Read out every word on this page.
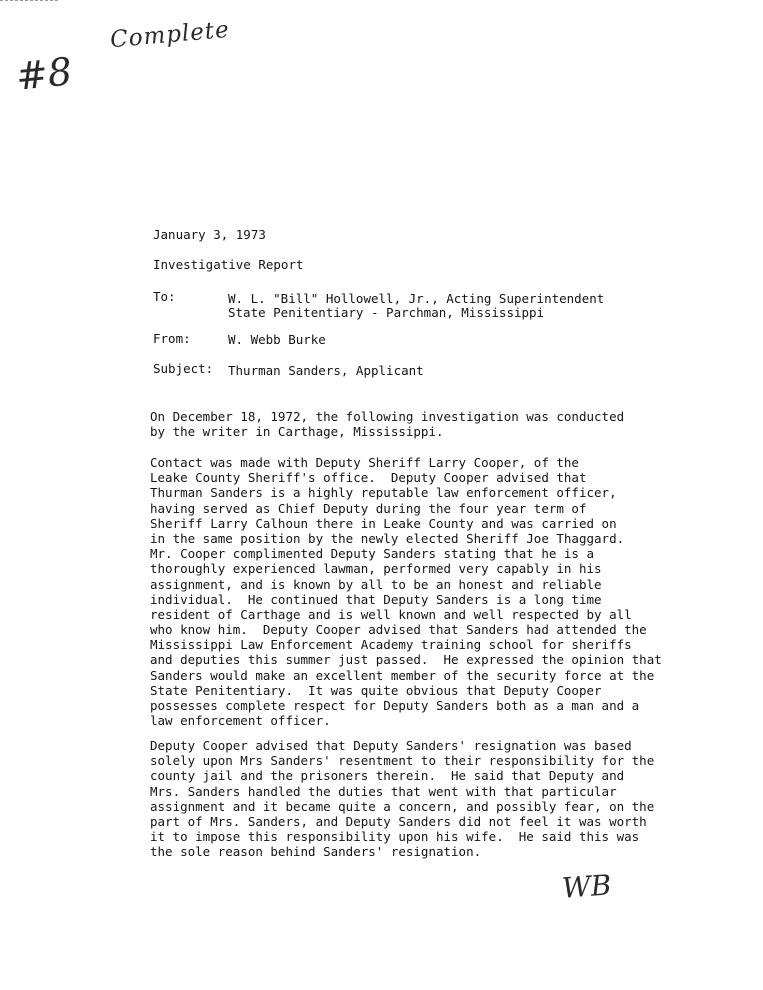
Complete
#8
January 3, 1973
Investigative Report
To:	W. L. "Bill" Hollowell, Jr., Acting Superintendent
State Penitentiary - Parchman, Mississippi
From:	W. Webb Burke
Subject: Thurman Sanders, Applicant
On December 18, 1972, the following investigation was conducted
by the writer in Carthage, Mississippi.
Contact was made with Deputy Sheriff Larry Cooper, of the
Leake County Sheriff's office.  Deputy Cooper advised that
Thurman Sanders is a highly reputable law enforcement officer,
having served as Chief Deputy during the four year term of
Sheriff Larry Calhoun there in Leake County and was carried on
in the same position by the newly elected Sheriff Joe Thaggard.
Mr. Cooper complimented Deputy Sanders stating that he is a
thoroughly experienced lawman, performed very capably in his
assignment, and is known by all to be an honest and reliable
individual.  He continued that Deputy Sanders is a long time
resident of Carthage and is well known and well respected by all
who know him.  Deputy Cooper advised that Sanders had attended the
Mississippi Law Enforcement Academy training school for sheriffs
and deputies this summer just passed.  He expressed the opinion that
Sanders would make an excellent member of the security force at the
State Penitentiary.  It was quite obvious that Deputy Cooper
possesses complete respect for Deputy Sanders both as a man and a
law enforcement officer.
Deputy Cooper advised that Deputy Sanders' resignation was based
solely upon Mrs Sanders' resentment to their responsibility for the
county jail and the prisoners therein.  He said that Deputy and
Mrs. Sanders handled the duties that went with that particular
assignment and it became quite a concern, and possibly fear, on the
part of Mrs. Sanders, and Deputy Sanders did not feel it was worth
it to impose this responsibility upon his wife.  He said this was
the sole reason behind Sanders' resignation.
WB
